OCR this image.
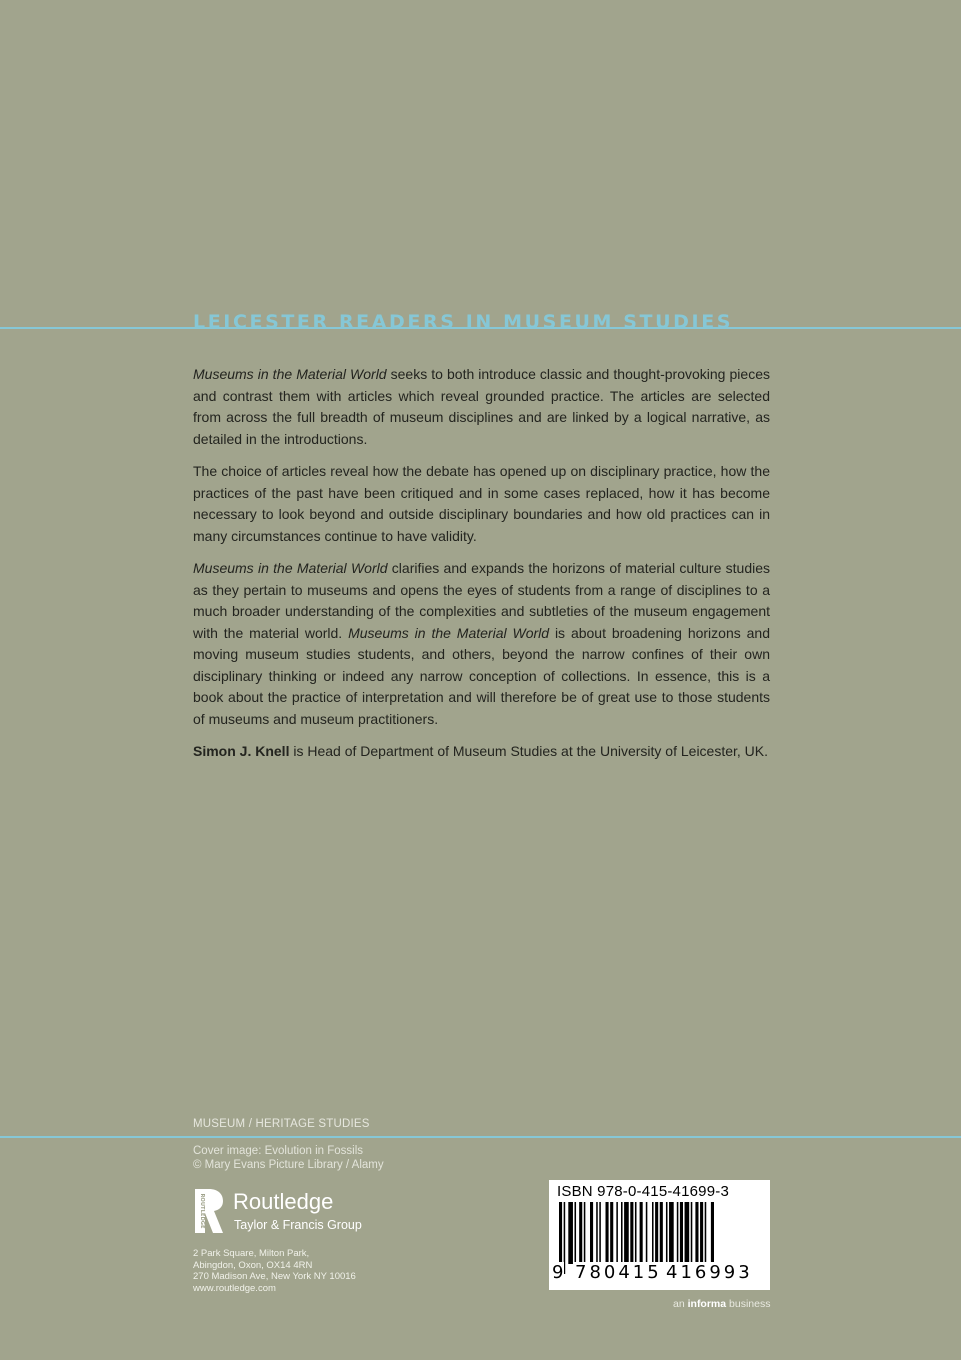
LEICESTER READERS IN MUSEUM STUDIES

Museums in the Material World seeks to both introduce classic and thought-provoking pieces and contrast them with articles which reveal grounded practice. The articles are selected from across the full breadth of museum disciplines and are linked by a logical narrative, as detailed in the introductions.

The choice of articles reveal how the debate has opened up on disciplinary practice, how the practices of the past have been critiqued and in some cases replaced, how it has become necessary to look beyond and outside disciplinary boundaries and how old practices can in many circumstances continue to have validity.

Museums in the Material World clarifies and expands the horizons of material culture studies as they pertain to museums and opens the eyes of students from a range of disciplines to a much broader understanding of the complexities and subtleties of the museum engagement with the material world. Museums in the Material World is about broadening horizons and moving museum studies students, and others, beyond the narrow confines of their own disciplinary thinking or indeed any narrow conception of collections. In essence, this is a book about the practice of interpretation and will therefore be of great use to those students of museums and museum practitioners.

Simon J. Knell is Head of Department of Museum Studies at the University of Leicester, UK.

MUSEUM / HERITAGE STUDIES
Cover image: Evolution in Fossils
© Mary Evans Picture Library / Alamy
ROUTLEDGE Routledge
Taylor & Francis Group
2 Park Square, Milton Park,
Abingdon, Oxon, OX14 4RN
270 Madison Ave, New York NY 10016
www.routledge.com
ISBN 978-0-415-41699-3
9 780415 416993
an informa business
